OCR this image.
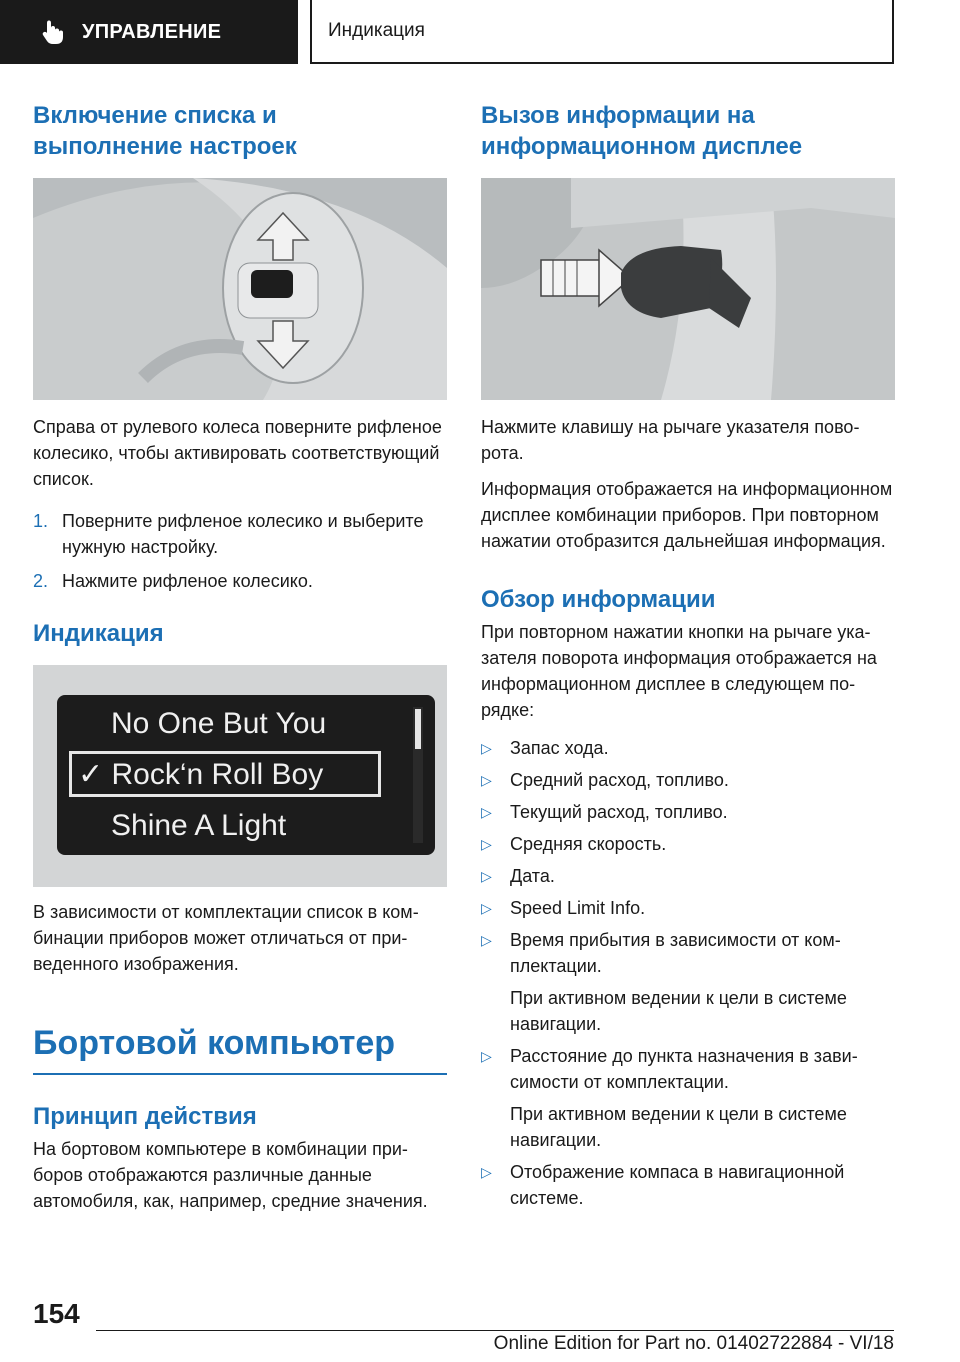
УПРАВЛЕНИЕ	Индикация
Включение списка и выполнение настроек

Справа от рулевого колеса поверните рифленое колесико, чтобы активировать соответствующий список.

1. Поверните рифленое колесико и выберите нужную настройку.
2. Нажмите рифленое колесико.
Индикация
No One But You
✓ Rock‘n Roll Boy
Shine A Light

В зависимости от комплектации список в комбинации приборов может отличаться от приведенного изображения.

Бортовой компьютер
Принцип действия

На бортовом компьютере в комбинации приборов отображаются различные данные автомобиля, как, например, средние значения.

Вызов информации на информационном дисплее

Нажмите клавишу на рычаге указателя поворота.

Информация отображается на информационном дисплее комбинации приборов. При повторном нажатии отобразится дальнейшая информация.

Обзор информации

При повторном нажатии кнопки на рычаге указателя поворота информация отображается на информационном дисплее в следующем порядке:

▷	Запас хода.
▷	Средний расход, топливо.
▷	Текущий расход, топливо.
▷	Средняя скорость.
▷	Дата.
▷	Speed Limit Info.
▷	Время прибытия в зависимости от комплектации.
При активном ведении к цели в системе навигации.
▷	Расстояние до пункта назначения в зависимости от комплектации.
При активном ведении к цели в системе навигации.
▷	Отображение компаса в навигационной системе.
154
Online Edition for Part no. 01402722884 - VI/18
